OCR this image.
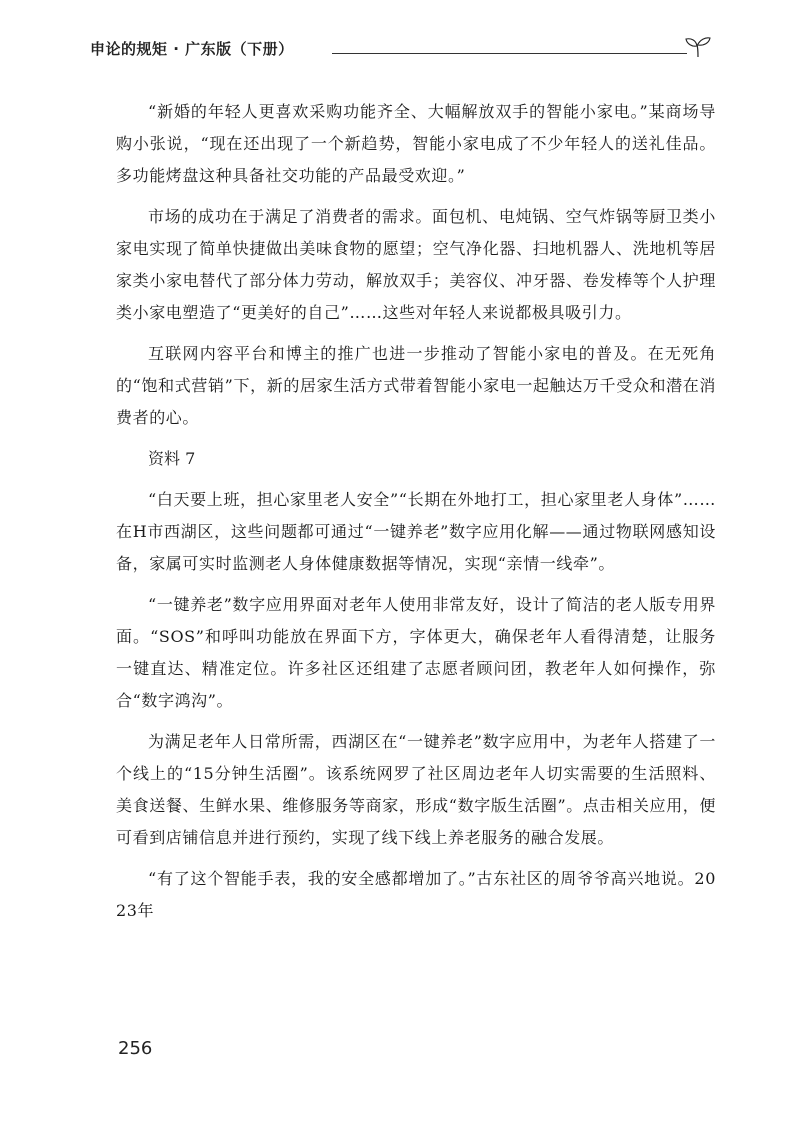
申论的规矩 · 广东版（下册）

“新婚的年轻人更喜欢采购功能齐全、大幅解放双手的智能小家电。”某商场导购小张说，“现在还出现了一个新趋势，智能小家电成了不少年轻人的送礼佳品。多功能烤盘这种具备社交功能的产品最受欢迎。”

市场的成功在于满足了消费者的需求。面包机、电炖锅、空气炸锅等厨卫类小家电实现了简单快捷做出美味食物的愿望；空气净化器、扫地机器人、洗地机等居家类小家电替代了部分体力劳动，解放双手；美容仪、冲牙器、卷发棒等个人护理类小家电塑造了“更美好的自己”……这些对年轻人来说都极具吸引力。

互联网内容平台和博主的推广也进一步推动了智能小家电的普及。在无死角的“饱和式营销”下，新的居家生活方式带着智能小家电一起触达万千受众和潜在消费者的心。

资料 7

“白天要上班，担心家里老人安全”“长期在外地打工，担心家里老人身体”……在H市西湖区，这些问题都可通过“一键养老”数字应用化解——通过物联网感知设备，家属可实时监测老人身体健康数据等情况，实现“亲情一线牵”。

“一键养老”数字应用界面对老年人使用非常友好，设计了简洁的老人版专用界面。“SOS”和呼叫功能放在界面下方，字体更大，确保老年人看得清楚，让服务一键直达、精准定位。许多社区还组建了志愿者顾问团，教老年人如何操作，弥合“数字鸿沟”。

为满足老年人日常所需，西湖区在“一键养老”数字应用中，为老年人搭建了一个线上的“15分钟生活圈”。该系统网罗了社区周边老年人切实需要的生活照料、美食送餐、生鲜水果、维修服务等商家，形成“数字版生活圈”。点击相关应用，便可看到店铺信息并进行预约，实现了线下线上养老服务的融合发展。

“有了这个智能手表，我的安全感都增加了。”古东社区的周爷爷高兴地说。2023年

256
